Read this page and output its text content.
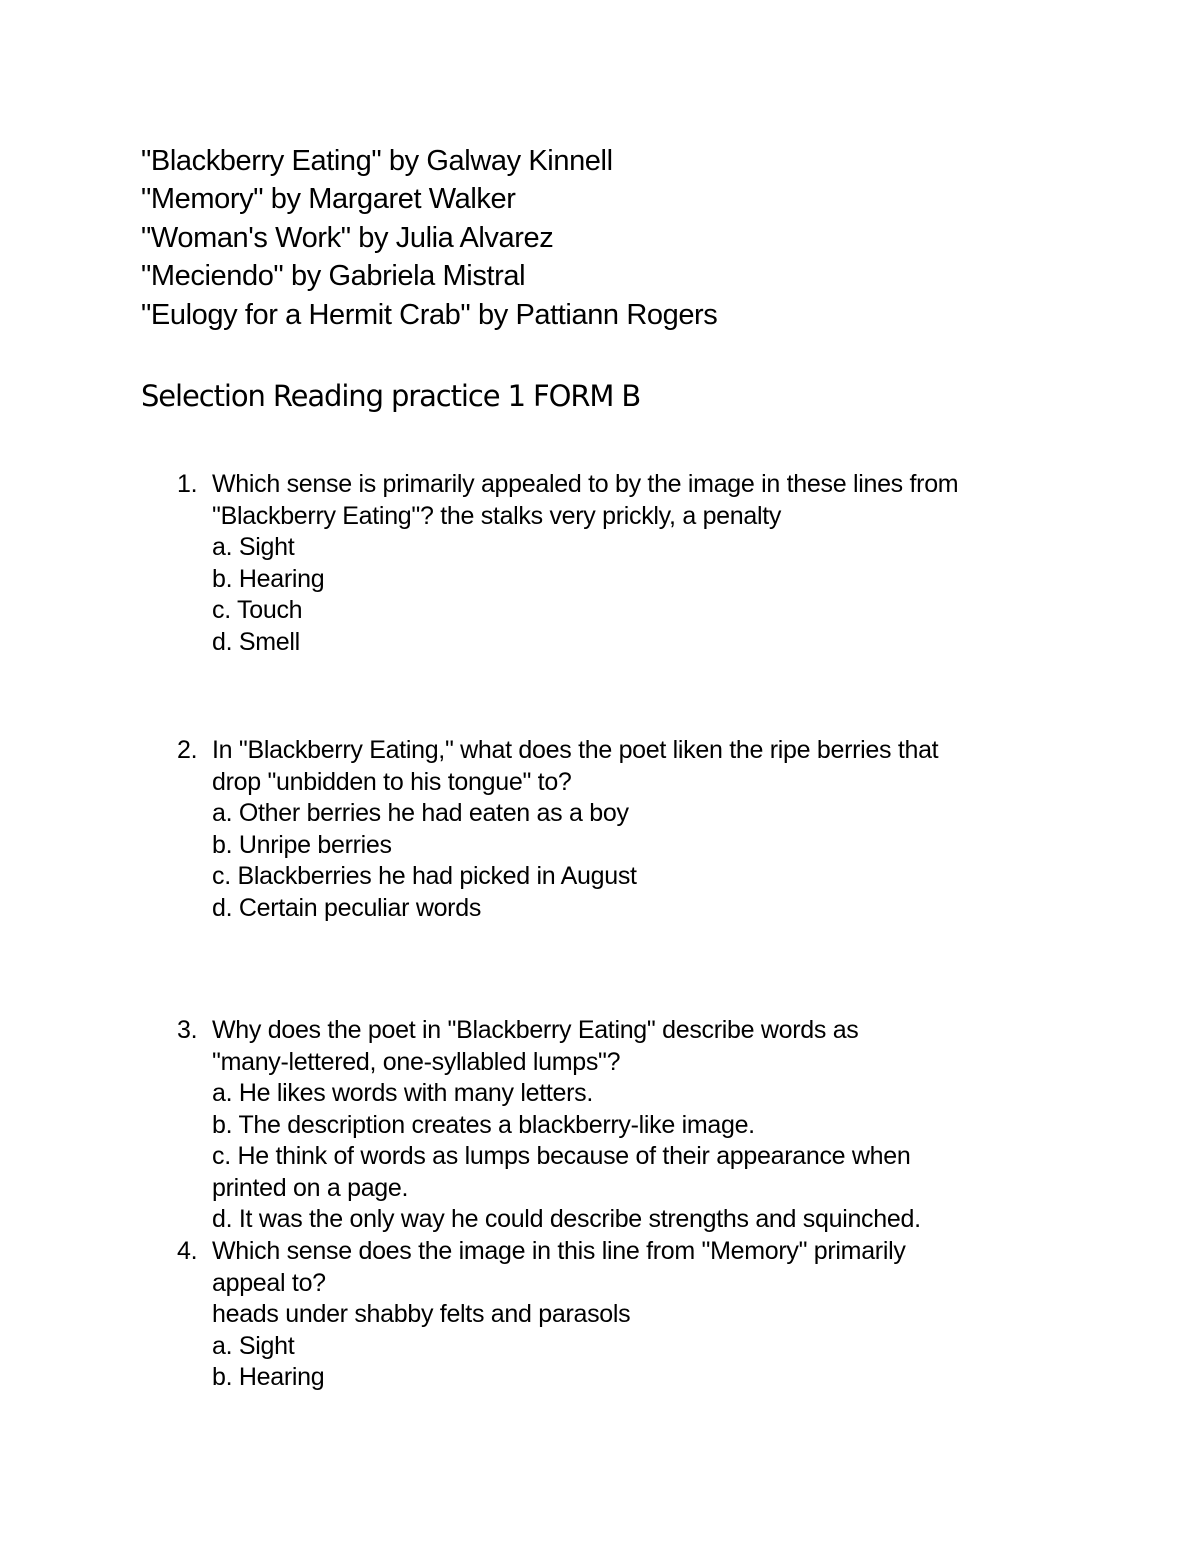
"Blackberry Eating" by Galway Kinnell
"Memory" by Margaret Walker
"Woman's Work" by Julia Alvarez
"Meciendo" by Gabriela Mistral
"Eulogy for a Hermit Crab" by Pattiann Rogers
Selection Reading practice 1 FORM B
1. Which sense is primarily appealed to by the image in these lines from
"Blackberry Eating"? the stalks very prickly, a penalty
a. Sight
b. Hearing
c. Touch
d. Smell
2. In "Blackberry Eating," what does the poet liken the ripe berries that
drop "unbidden to his tongue" to?
a. Other berries he had eaten as a boy
b. Unripe berries
c. Blackberries he had picked in August
d. Certain peculiar words
3. Why does the poet in "Blackberry Eating" describe words as
"many-lettered, one-syllabled lumps"?
a. He likes words with many letters.
b. The description creates a blackberry-like image.
c. He think of words as lumps because of their appearance when
printed on a page.
d. It was the only way he could describe strengths and squinched.
4. Which sense does the image in this line from "Memory" primarily
appeal to?
heads under shabby felts and parasols
a. Sight
b. Hearing
